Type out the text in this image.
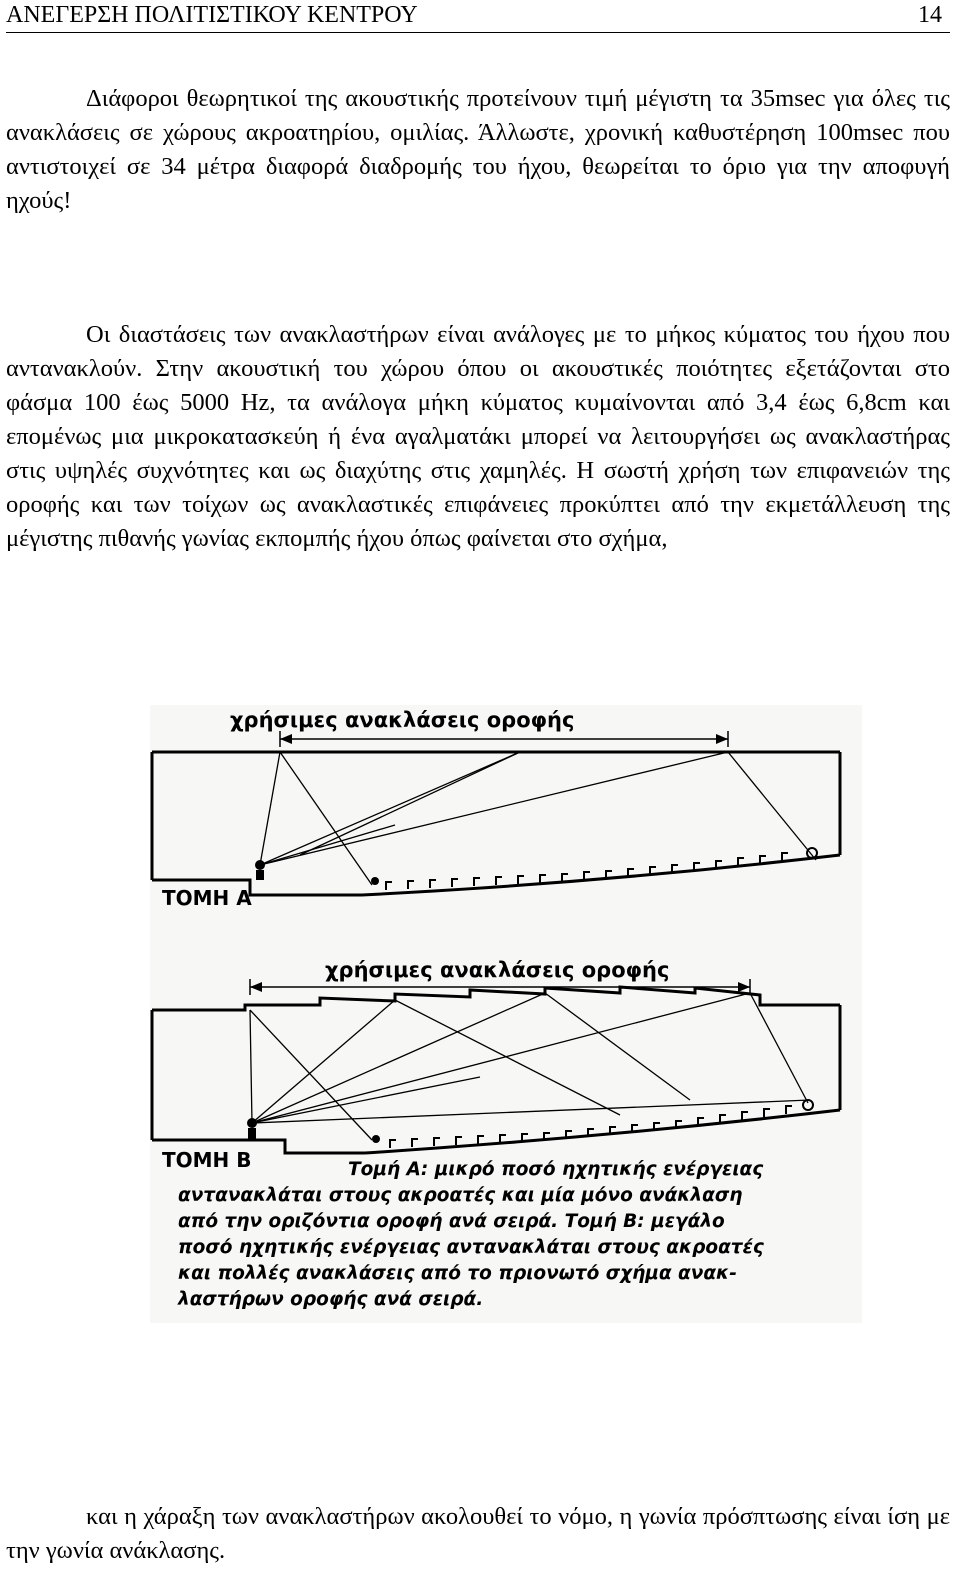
ΑΝΕΓΕΡΣΗ ΠΟΛΙΤΙΣΤΙΚΟΥ ΚΕΝΤΡΟΥ	14

Διάφοροι θεωρητικοί της ακουστικής προτείνουν τιμή μέγιστη τα 35msec για όλες τις ανακλάσεις σε χώρους ακροατηρίου, ομιλίας. Άλλωστε, χρονική καθυστέρηση 100msec που αντιστοιχεί σε 34 μέτρα διαφορά διαδρομής του ήχου, θεωρείται το όριο για την αποφυγή ηχούς!

Οι διαστάσεις των ανακλαστήρων είναι ανάλογες με το μήκος κύματος του ήχου που αντανακλούν. Στην ακουστική του χώρου όπου οι ακουστικές ποιότητες εξετάζονται στο φάσμα 100 έως 5000 Hz, τα ανάλογα μήκη κύματος κυμαίνονται από 3,4 έως 6,8cm και επομένως μια μικροκατασκεύη ή ένα αγαλματάκι μπορεί να λειτουργήσει ως ανακλαστήρας στις υψηλές συχνότητες και ως διαχύτης στις χαμηλές. Η σωστή χρήση των επιφανειών της οροφής και των τοίχων ως ανακλαστικές επιφάνειες προκύπτει από την εκμετάλλευση της μέγιστης πιθανής γωνίας εκπομπής ήχου όπως φαίνεται στο σχήμα,

χρήσιμες ανακλάσεις οροφής
ΤΟΜΗ Α
χρήσιμες ανακλάσεις οροφής
ΤΟΜΗ Β	Τομή Α: μικρό ποσό ηχητικής ενέργειας
αντανακλάται στους ακροατές και μία μόνο ανάκλαση
από την οριζόντια οροφή ανά σειρά. Τομή Β: μεγάλο
ποσό ηχητικής ενέργειας αντανακλάται στους ακροατές
και πολλές ανακλάσεις από το πριονωτό σχήμα ανακ-
λαστήρων οροφής ανά σειρά.

και η χάραξη των ανακλαστήρων ακολουθεί το νόμο, η γωνία πρόσπτωσης είναι ίση με την γωνία ανάκλασης.
